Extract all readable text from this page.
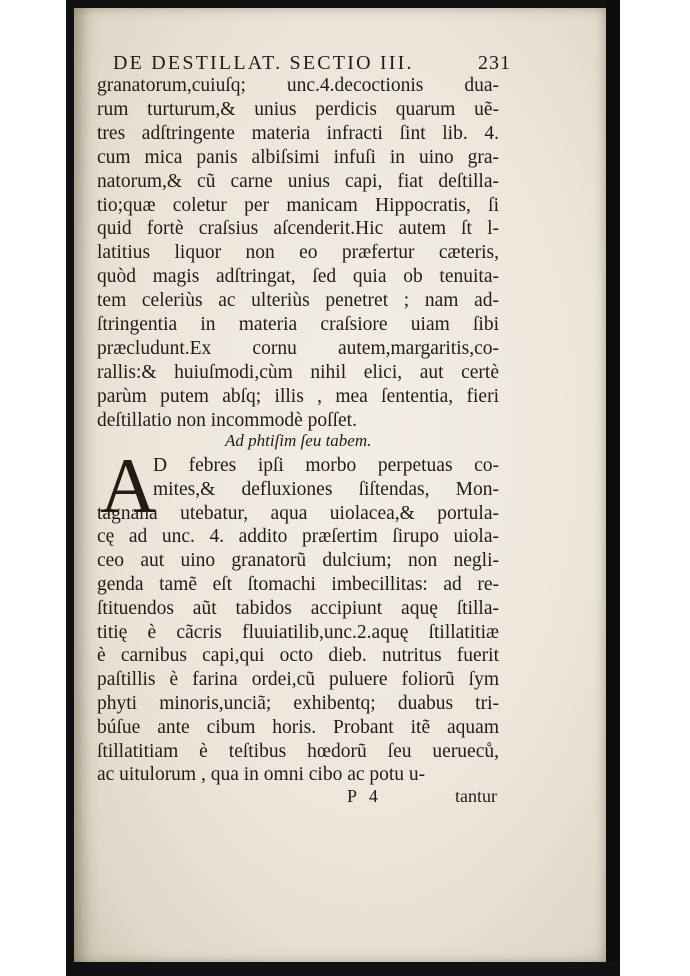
DE DESTILLAT. SECTIO III.	231
granatorum,cuiuſq; unc.4.decoctionis dua-
rum turturum,& unius perdicis quarum uẽ-
tres adſtringente materia infracti ſint lib. 4.
cum mica panis albiſsimi infuſi in uino gra-
natorum,& cũ carne unius capi, fiat deſtilla-
tio;quæ coletur per manicam Hippocratis, ſi
quid fortè craſsius aſcenderit.Hic autem ſt l-
latitius liquor non eo præfertur cæteris,
quòd magis adſtringat, ſed quia ob tenuita-
tem celeriùs ac ulteriùs penetret ; nam ad-
ſtringentia in materia craſsiore uiam ſibi
præcludunt.Ex cornu autem,margaritis,co-
rallis:& huiuſmodi,cùm nihil elici, aut certè
parùm putem abſq; illis , mea ſententia, fieri
deſtillatio non incommodè poſſet.
Ad phtiſim ſeu tabem.
A
D febres ipſi morbo perpetuas co-
mites,& defluxiones ſiſtendas, Mon-
tagnana utebatur, aqua uiolacea,& portula-
cę ad unc. 4. addito præſertim ſirupo uiola-
ceo aut uino granatorũ dulcium; non negli-
genda tamẽ eſt ſtomachi imbecillitas: ad re-
ſtituendos aũt tabidos accipiunt aquę ſtilla-
titię è cãcris fluuiatilib,unc.2.aquę ſtillatitiæ
è carnibus capi,qui octo dieb. nutritus fuerit
paſtillis è farina ordei,cũ puluere foliorũ ſym
phyti minoris,unciã; exhibentq; duabus tri-
búſue ante cibum horis. Probant itẽ aquam
ſtillatitiam è teſtibus hœdorũ ſeu uerueců,
ac uitulorum , qua in omni cibo ac potu u-
P 4	tantur
